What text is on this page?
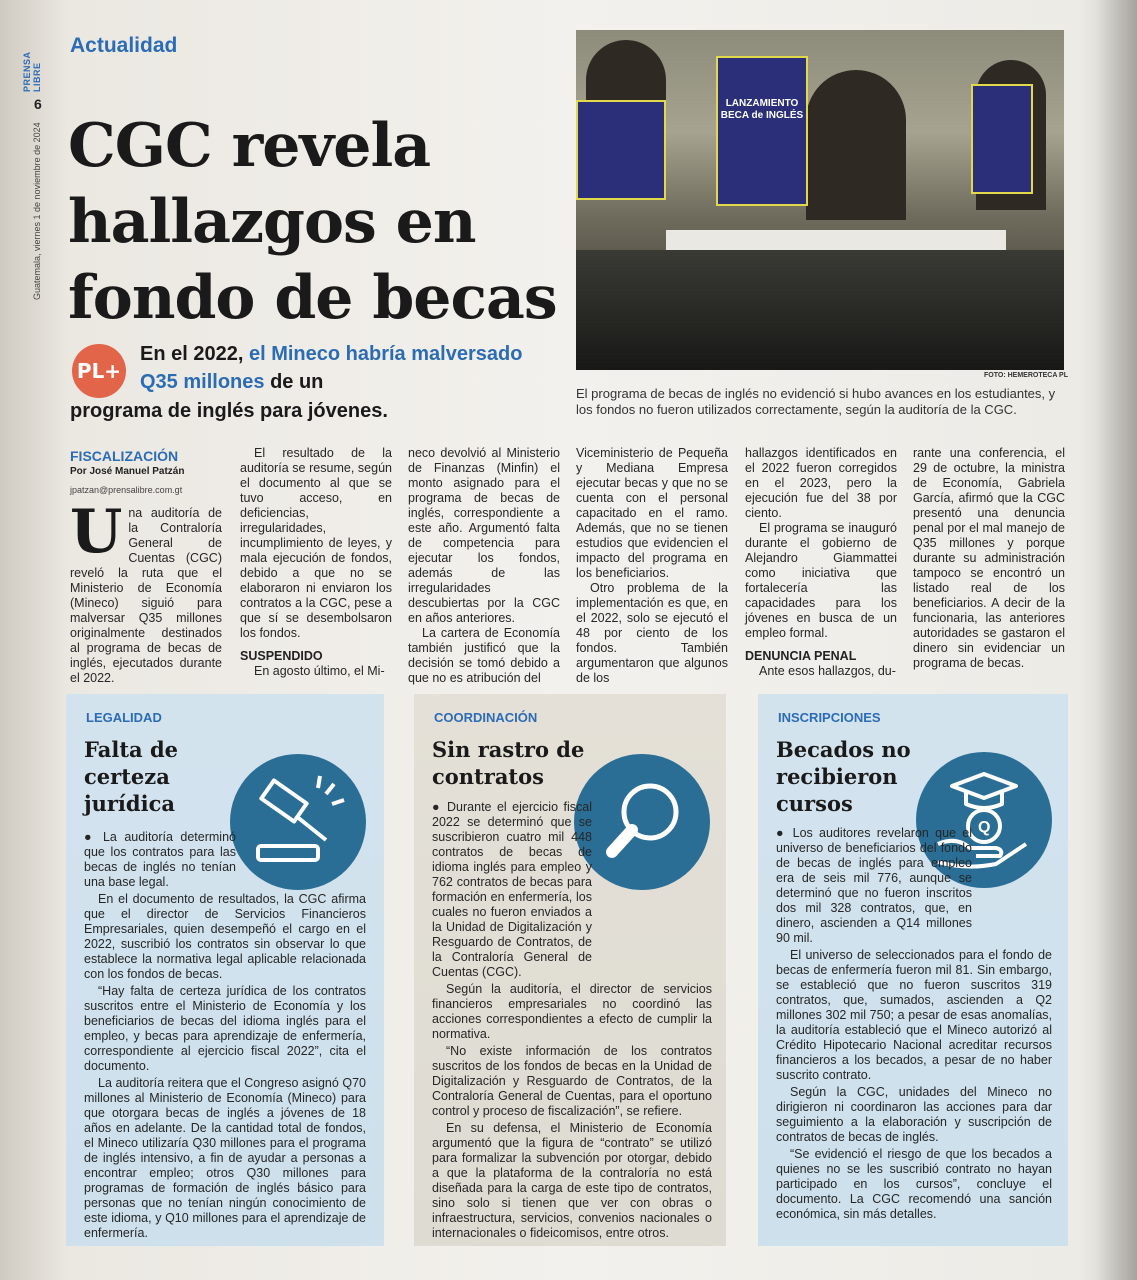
PRENSA LIBRE
6
Guatemala, viernes 1 de noviembre de 2024
Actualidad
CGC revela hallazgos en fondo de becas
PL+
En el 2022, el Mineco habría malversado Q35 millones de un
programa de inglés para jóvenes.
LANZAMIENTO BECA de INGLÉS
FOTO: HEMEROTECA PL
El programa de becas de inglés no evidenció si hubo avances en los estudiantes, y los fondos no fueron utilizados correctamente, según la auditoría de la CGC.
FISCALIZACIÓN
Por José Manuel Patzán
jpatzan@prensalibre.com.gt
U na auditoría de la Contraloría General de Cuentas (CGC) reveló la ruta que el Ministerio de Economía (Mineco) siguió para malversar Q35 millones originalmente destinados al programa de becas de inglés, ejecutados durante el 2022.

El resultado de la auditoría se resume, según el documento al que se tuvo acceso, en deficiencias, irregularidades, incumplimiento de leyes, y mala ejecución de fondos, debido a que no se elaboraron ni enviaron los contratos a la CGC, pese a que sí se desembolsaron los fondos.

SUSPENDIDO

En agosto último, el Mi-

neco devolvió al Ministerio de Finanzas (Minfin) el monto asignado para el programa de becas de inglés, correspondiente a este año. Argumentó falta de competencia para ejecutar los fondos, además de las irregularidades descubiertas por la CGC en años anteriores.

La cartera de Economía también justificó que la decisión se tomó debido a que no es atribución del

Viceministerio de Pequeña y Mediana Empresa ejecutar becas y que no se cuenta con el personal capacitado en el ramo. Además, que no se tienen estudios que evidencien el impacto del programa en los beneficiarios.

Otro problema de la implementación es que, en el 2022, solo se ejecutó el 48 por ciento de los fondos. También argumentaron que algunos de los

hallazgos identificados en el 2022 fueron corregidos en el 2023, pero la ejecución fue del 38 por ciento.

El programa se inauguró durante el gobierno de Alejandro Giammattei como iniciativa que fortalecería las capacidades para los jóvenes en busca de un empleo formal.

DENUNCIA PENAL

Ante esos hallazgos, du-

rante una conferencia, el 29 de octubre, la ministra de Economía, Gabriela García, afirmó que la CGC presentó una denuncia penal por el mal manejo de Q35 millones y porque durante su administración tampoco se encontró un listado real de los beneficiarios. A decir de la funcionaria, las anteriores autoridades se gastaron el dinero sin evidenciar un programa de becas.

LEGALIDAD
Falta de certeza jurídica

● La auditoría determinó que los contratos para las becas de inglés no tenían una base legal.

En el documento de resultados, la CGC afirma que el director de Servicios Financieros Empresariales, quien desempeñó el cargo en el 2022, suscribió los contratos sin observar lo que establece la normativa legal aplicable relacionada con los fondos de becas.

“Hay falta de certeza jurídica de los contratos suscritos entre el Ministerio de Economía y los beneficiarios de becas del idioma inglés para el empleo, y becas para aprendizaje de enfermería, correspondiente al ejercicio fiscal 2022”, cita el documento.

La auditoría reitera que el Congreso asignó Q70 millones al Ministerio de Economía (Mineco) para que otorgara becas de inglés a jóvenes de 18 años en adelante. De la cantidad total de fondos, el Mineco utilizaría Q30 millones para el programa de inglés intensivo, a fin de ayudar a personas a encontrar empleo; otros Q30 millones para programas de formación de inglés básico para personas que no tenían ningún conocimiento de este idioma, y Q10 millones para el aprendizaje de enfermería.

COORDINACIÓN
Sin rastro de contratos

● Durante el ejercicio fiscal 2022 se determinó que se suscribieron cuatro mil 448 contratos de becas de idioma inglés para empleo y 762 contratos de becas para formación en enfermería, los cuales no fueron enviados a la Unidad de Digitalización y Resguardo de Contratos, de la Contraloría General de Cuentas (CGC).

Según la auditoría, el director de servicios financieros empresariales no coordinó las acciones correspondientes a efecto de cumplir la normativa.

“No existe información de los contratos suscritos de los fondos de becas en la Unidad de Digitalización y Resguardo de Contratos, de la Contraloría General de Cuentas, para el oportuno control y proceso de fiscalización”, se refiere.

En su defensa, el Ministerio de Economía argumentó que la figura de “contrato” se utilizó para formalizar la subvención por otorgar, debido a que la plataforma de la contraloría no está diseñada para la carga de este tipo de contratos, sino solo si tienen que ver con obras o infraestructura, servicios, convenios nacionales o internacionales o fideicomisos, entre otros.

INSCRIPCIONES
Becados no recibieron cursos
Q

● Los auditores revelaron que el universo de beneficiarios del fondo de becas de inglés para empleo era de seis mil 776, aunque se determinó que no fueron inscritos dos mil 328 contratos, que, en dinero, ascienden a Q14 millones 90 mil.

El universo de seleccionados para el fondo de becas de enfermería fueron mil 81. Sin embargo, se estableció que no fueron suscritos 319 contratos, que, sumados, ascienden a Q2 millones 302 mil 750; a pesar de esas anomalías, la auditoría estableció que el Mineco autorizó al Crédito Hipotecario Nacional acreditar recursos financieros a los becados, a pesar de no haber suscrito contrato.

Según la CGC, unidades del Mineco no dirigieron ni coordinaron las acciones para dar seguimiento a la elaboración y suscripción de contratos de becas de inglés.

“Se evidenció el riesgo de que los becados a quienes no se les suscribió contrato no hayan participado en los cursos”, concluye el documento. La CGC recomendó una sanción económica, sin más detalles.
